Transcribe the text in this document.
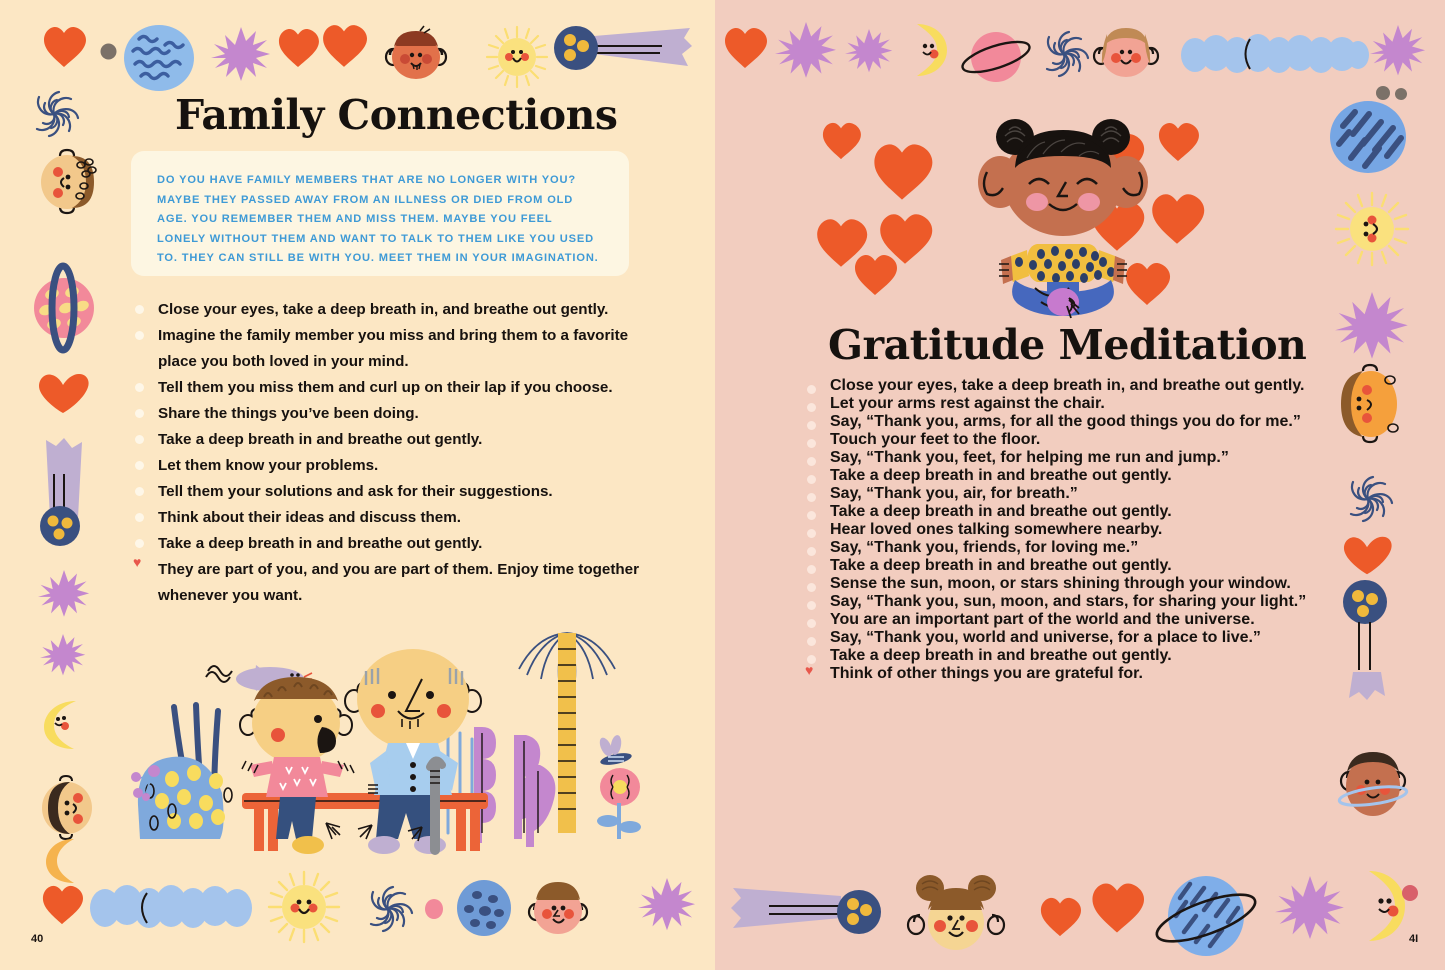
Family Connections

DO YOU HAVE FAMILY MEMBERS THAT ARE NO LONGER WITH YOU? MAYBE THEY PASSED AWAY FROM AN ILLNESS OR DIED FROM OLD AGE. YOU REMEMBER THEM AND MISS THEM. MAYBE YOU FEEL LONELY WITHOUT THEM AND WANT TO TALK TO THEM LIKE YOU USED TO. THEY CAN STILL BE WITH YOU. MEET THEM IN YOUR IMAGINATION.

Close your eyes, take a deep breath in, and breathe out gently.
Imagine the family member you miss and bring them to a favorite place you both loved in your mind.
Tell them you miss them and curl up on their lap if you choose.
Share the things you’ve been doing.
Take a deep breath in and breathe out gently.
Let them know your problems.
Tell them your solutions and ask for their suggestions.
Think about their ideas and discuss them.
Take a deep breath in and breathe out gently.
♥
They are part of you, and you are part of them. Enjoy time together whenever you want.
40
Gratitude Meditation
Close your eyes, take a deep breath in, and breathe out gently.
Let your arms rest against the chair.
Say, “Thank you, arms, for all the good things you do for me.”
Touch your feet to the floor.
Say, “Thank you, feet, for helping me run and jump.”
Take a deep breath in and breathe out gently.
Say, “Thank you, air, for breath.”
Take a deep breath in and breathe out gently.
Hear loved ones talking somewhere nearby.
Say, “Thank you, friends, for loving me.”
Take a deep breath in and breathe out gently.
Sense the sun, moon, or stars shining through your window.
Say, “Thank you, sun, moon, and stars, for sharing your light.”
You are an important part of the world and the universe.
Say, “Thank you, world and universe, for a place to live.”
Take a deep breath in and breathe out gently.
♥
Think of other things you are grateful for.
4I
